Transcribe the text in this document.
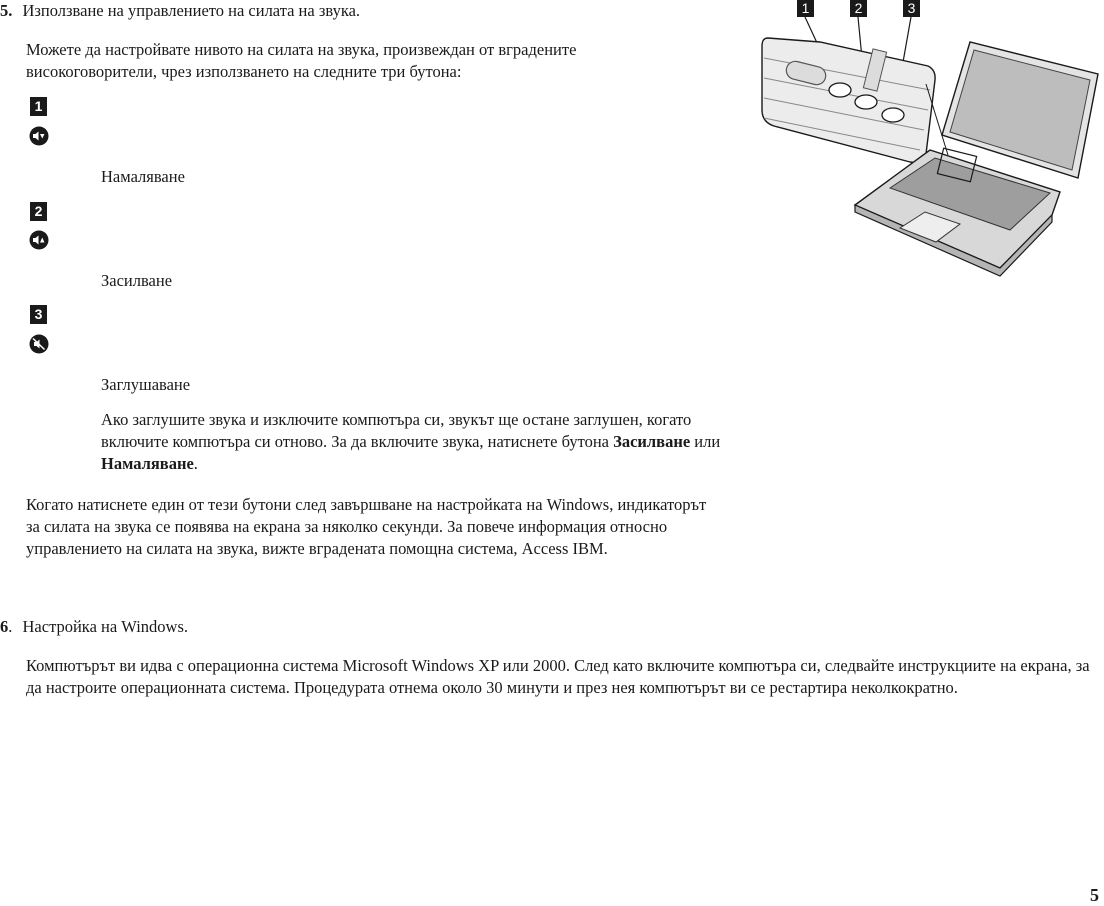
5. Използване на управлението на силата на звука.
Можете да настройвате нивото на силата на звука, произвеждан от вградените високоговорители, чрез използването на следните три бутона:
1
Намаляване
2
Засилване
3
Заглушаване
Ако заглушите звука и изключите компютъра си, звукът ще остане заглушен, когато включите компютъра си отново. За да включите звука, натиснете бутона Засилване или Намаляване.
Когато натиснете един от тези бутони след завършване на настройката на Windows, индикаторът за силата на звука се появява на екрана за няколко секунди. За повече информация относно управлението на силата на звука, вижте вградената помощна система, Access IBM.
6. Настройка на Windows.
Компютърът ви идва с операционна система Microsoft Windows XP или 2000. След като включите компютъра си, следвайте инструкциите на екрана, за да настроите операционната система. Процедурата отнема около 30 минути и през нея компютърът ви се рестартира неколкократно.
1	2	3
5
